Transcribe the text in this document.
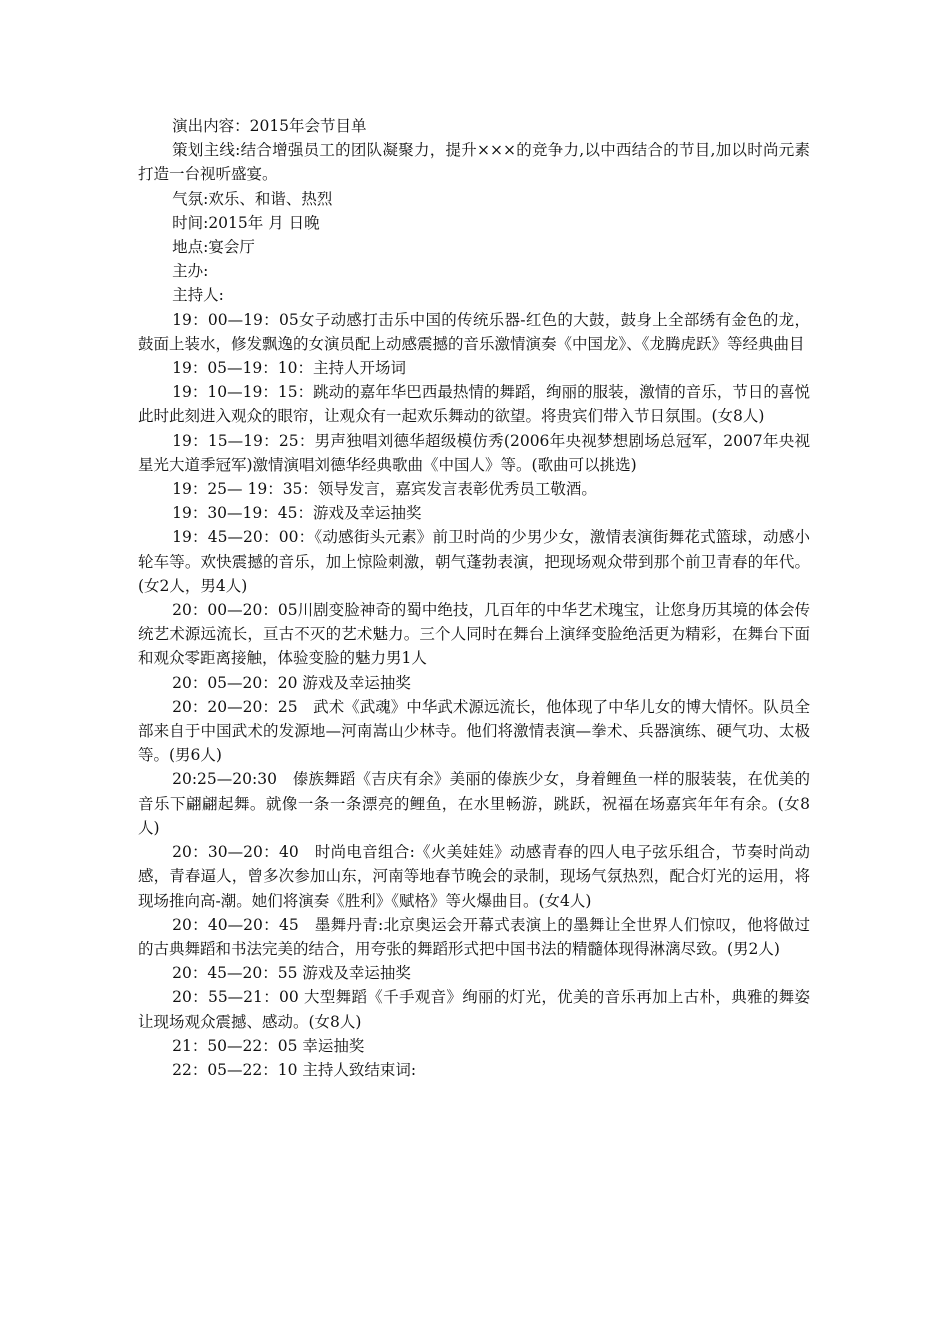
演出内容：2015年会节目单

策划主线:结合增强员工的团队凝聚力，提升×××的竞争力,以中西结合的节目,加以时尚元素打造一台视听盛宴。

气氛:欢乐、和谐、热烈

时间:2015年 月 日晚

地点:宴会厅

主办:

主持人:

19：00—19：05女子动感打击乐中国的传统乐器-红色的大鼓，鼓身上全部绣有金色的龙，鼓面上装水，修发飘逸的女演员配上动感震撼的音乐激情演奏《中国龙》、《龙腾虎跃》等经典曲目

19：05—19：10：主持人开场词

19：10—19：15：跳动的嘉年华巴西最热情的舞蹈，绚丽的服装，激情的音乐，节日的喜悦此时此刻进入观众的眼帘，让观众有一起欢乐舞动的欲望。将贵宾们带入节日氛围。(女8人)

19：15—19：25：男声独唱刘德华超级模仿秀(2006年央视梦想剧场总冠军，2007年央视星光大道季冠军)激情演唱刘德华经典歌曲《中国人》等。(歌曲可以挑选)

19：25— 19：35：领导发言，嘉宾发言表彰优秀员工敬酒。

19：30—19：45：游戏及幸运抽奖

19：45—20：00：《动感街头元素》前卫时尚的少男少女，激情表演街舞花式篮球，动感小轮车等。欢快震撼的音乐，加上惊险刺激，朝气蓬勃表演，把现场观众带到那个前卫青春的年代。(女2人，男4人)

20：00—20：05川剧变脸神奇的蜀中绝技，几百年的中华艺术瑰宝，让您身历其境的体会传统艺术源远流长，亘古不灭的艺术魅力。三个人同时在舞台上演绎变脸绝活更为精彩，在舞台下面和观众零距离接触，体验变脸的魅力男1人

20：05—20：20 游戏及幸运抽奖

20：20—20：25　武术《武魂》中华武术源远流长，他体现了中华儿女的博大情怀。队员全部来自于中国武术的发源地—河南嵩山少林寺。他们将激情表演—拳术、兵器演练、硬气功、太极等。(男6人)

20:25—20:30　傣族舞蹈《吉庆有余》美丽的傣族少女，身着鲤鱼一样的服装装，在优美的音乐下翩翩起舞。就像一条一条漂亮的鲤鱼，在水里畅游，跳跃，祝福在场嘉宾年年有余。(女8人)

20：30—20：40　时尚电音组合:《火美娃娃》动感青春的四人电子弦乐组合，节奏时尚动感，青春逼人，曾多次参加山东，河南等地春节晚会的录制，现场气氛热烈，配合灯光的运用，将现场推向高-潮。她们将演奏《胜利》《赋格》等火爆曲目。(女4人)

20：40—20：45　墨舞丹青:北京奥运会开幕式表演上的墨舞让全世界人们惊叹，他将做过的古典舞蹈和书法完美的结合，用夸张的舞蹈形式把中国书法的精髓体现得淋漓尽致。(男2人)

20：45—20：55 游戏及幸运抽奖

20：55—21：00 大型舞蹈《千手观音》绚丽的灯光，优美的音乐再加上古朴，典雅的舞姿让现场观众震撼、感动。(女8人)

21：50—22：05 幸运抽奖

22：05—22：10 主持人致结束词:
